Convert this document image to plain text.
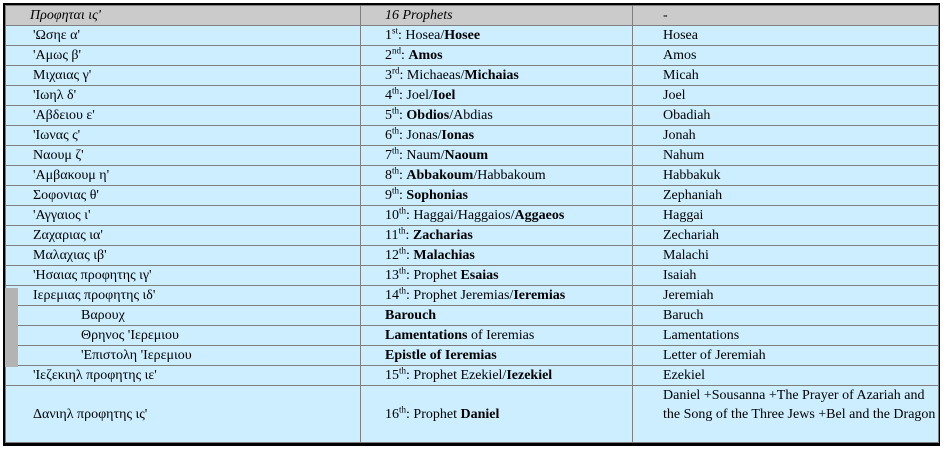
Προφηται ις'	16 Prophets	-
'Ωσηε α'	1st: Hosea/Hosee	Hosea
'Αμως β'	2nd: Amos	Amos
Μιχαιας γ'	3rd: Michaeas/Michaias	Micah
'Ιωηλ δ'	4th: Joel/Ioel	Joel
'Αβδειου ε'	5th: Obdios/Abdias	Obadiah
'Ιωνας ς'	6th: Jonas/Ionas	Jonah
Ναουμ ζ'	7th: Naum/Naoum	Nahum
'Αμβακουμ η'	8th: Abbakoum/Habbakoum	Habbakuk
Σοφονιας θ'	9th: Sophonias	Zephaniah
'Αγγαιος ι'	10th: Haggai/Haggaios/Aggaeos	Haggai
Ζαχαριας ια'	11th: Zacharias	Zechariah
Μαλαχιας ιβ'	12th: Malachias	Malachi
'Ησαιας προφητης ιγ'	13th: Prophet Esaias	Isaiah
Ιερεμιας προφητης ιδ'	14th: Prophet Jeremias/Ieremias	Jeremiah
Βαρουχ	Barouch	Baruch
Θρηνος 'Ιερεμιου	Lamentations of Ieremias	Lamentations
'Επιστολη 'Ιερεμιου	Epistle of Ieremias	Letter of Jeremiah
'Ιεζεκιηλ προφητης ιε'	15th: Prophet Ezekiel/Iezekiel	Ezekiel
Δανιηλ προφητης ις'	16th: Prophet Daniel	Daniel +Sousanna +The Prayer of Azariah and the Song of the Three Jews +Bel and the Dragon
